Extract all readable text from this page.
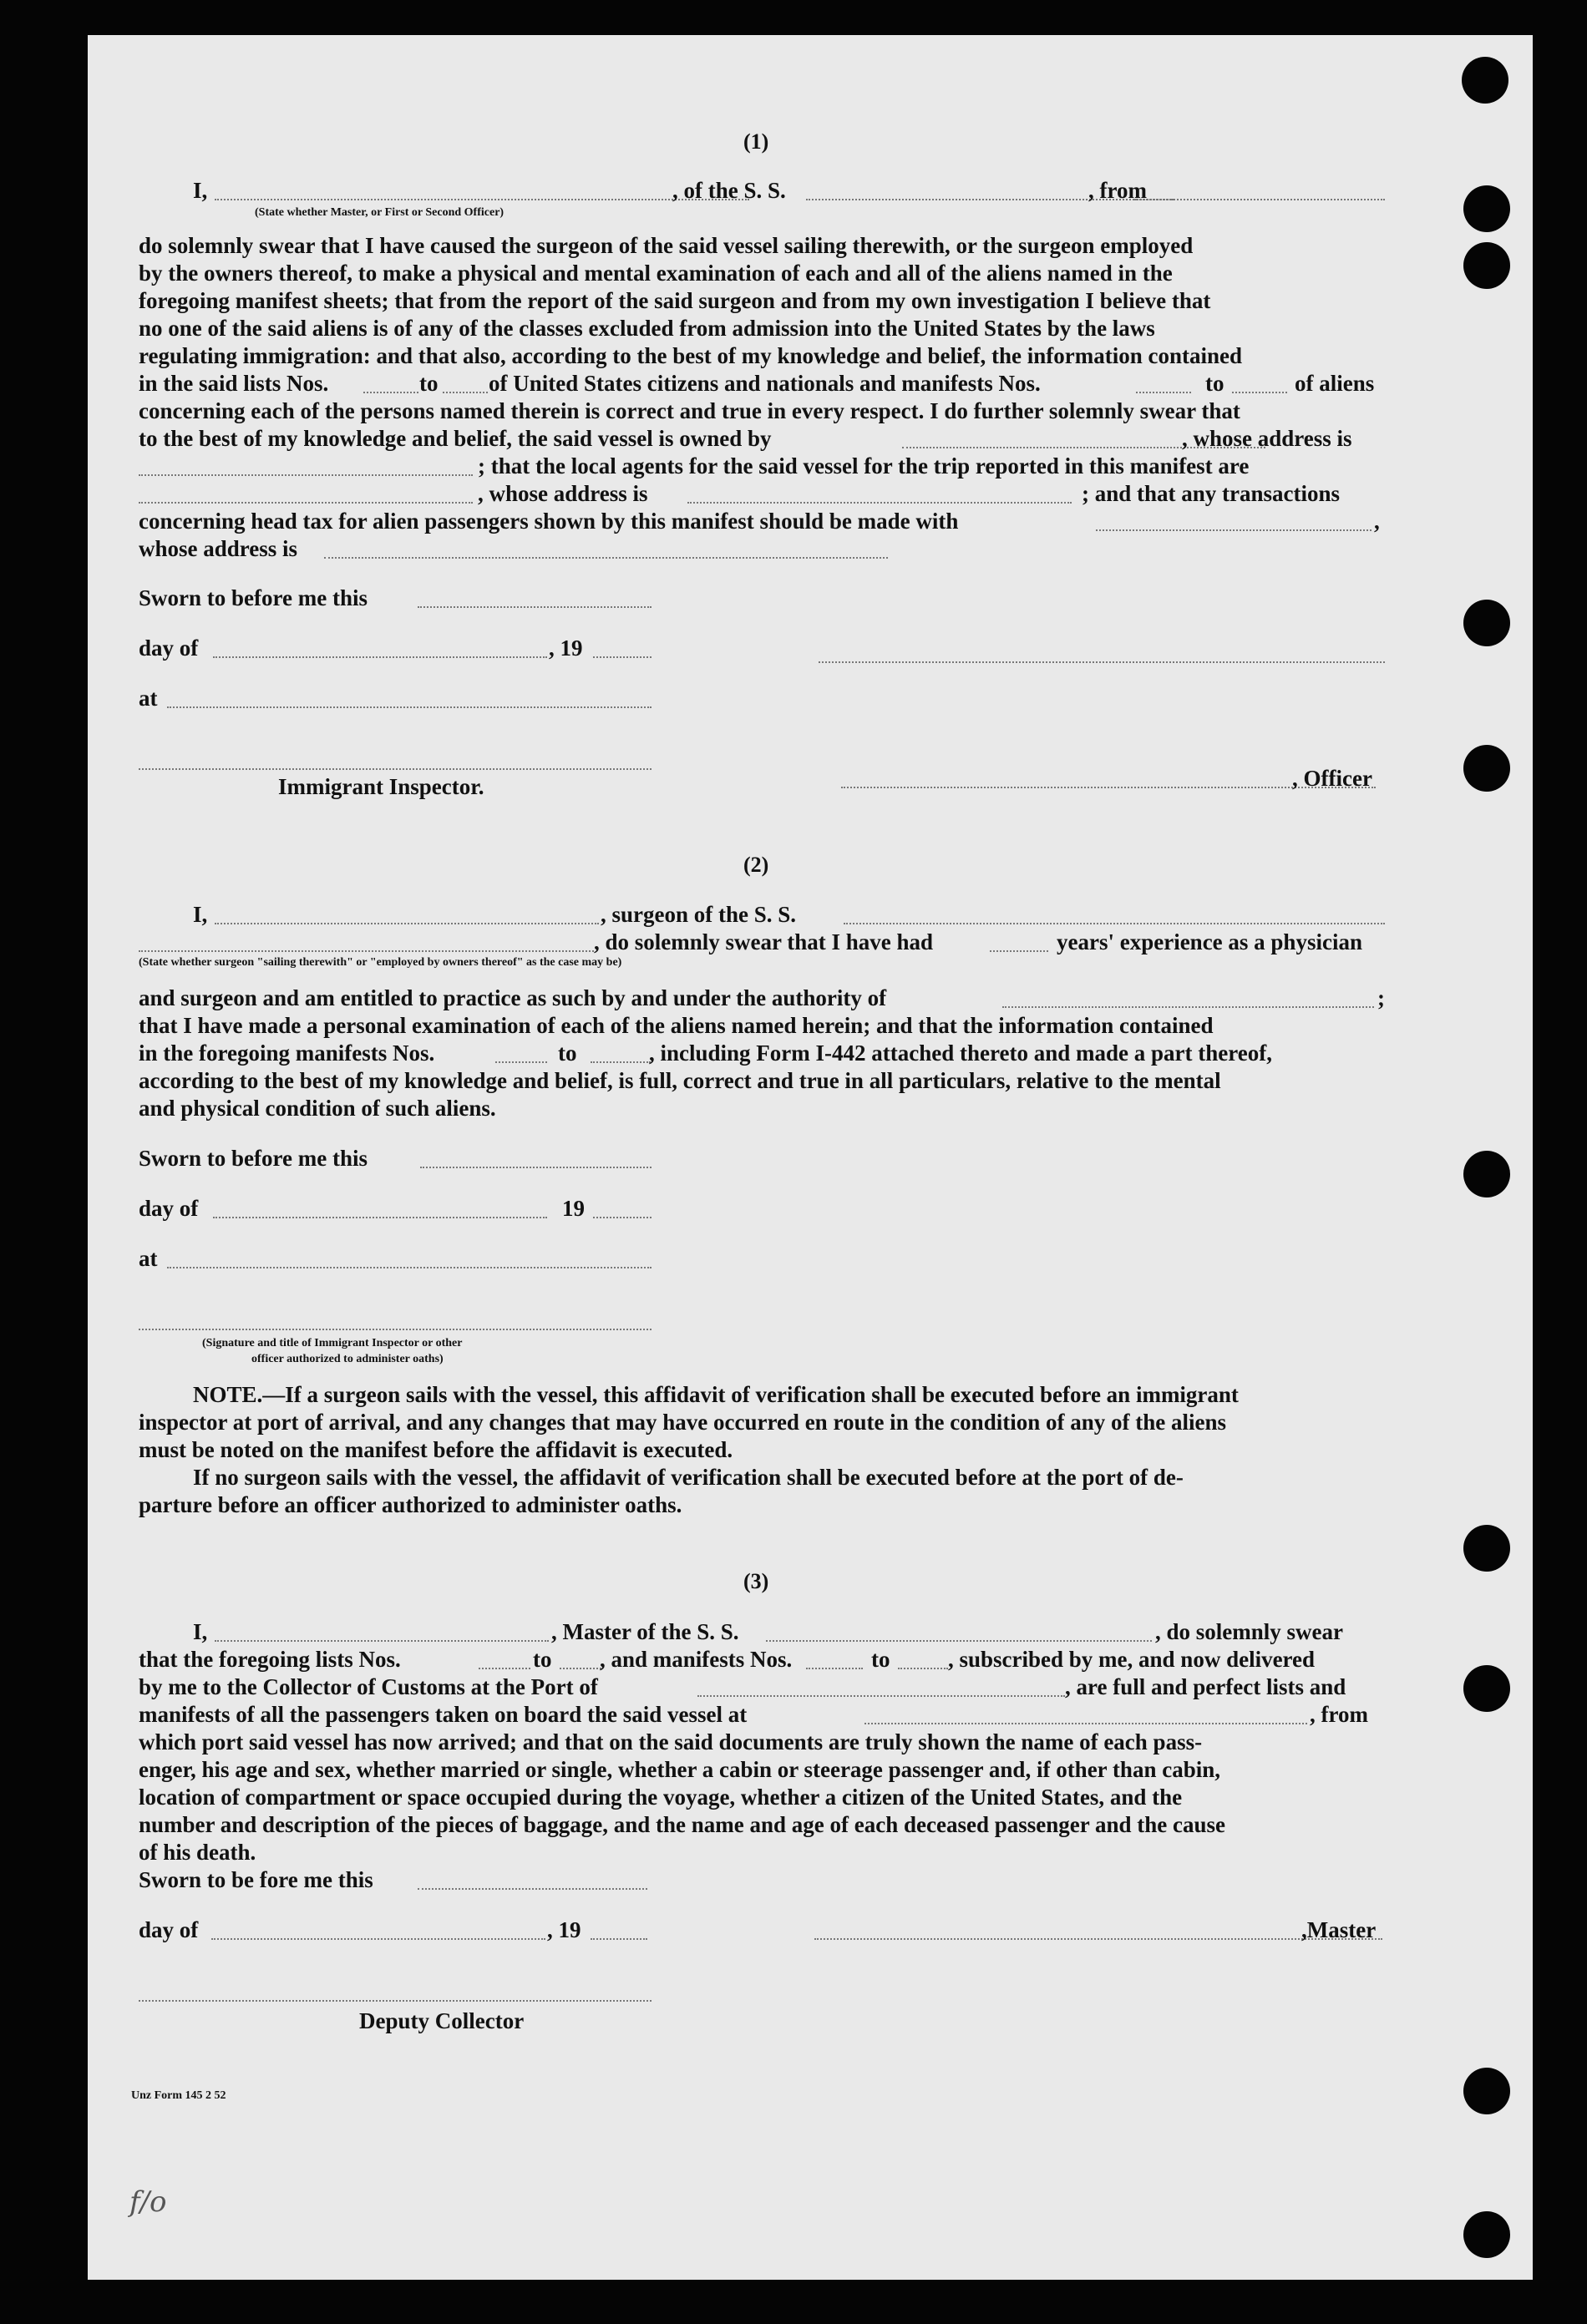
(1)
I,	, of the S. S.	, from
(State whether Master, or First or Second Officer)
do solemnly swear that I have caused the surgeon of the said vessel sailing therewith, or the surgeon employed
by the owners thereof, to make a physical and mental examination of each and all of the aliens named in the
foregoing manifest sheets; that from the report of the said surgeon and from my own investigation I believe that
no one of the said aliens is of any of the classes excluded from admission into the United States by the laws
regulating immigration: and that also, according to the best of my knowledge and belief, the information contained
in the said lists Nos.	to of United States citizens and nationals and manifests Nos.	to	of aliens
concerning each of the persons named therein is correct and true in every respect. I do further solemnly swear that
to the best of my knowledge and belief, the said vessel is owned by	, whose address is
; that the local agents for the said vessel for the trip reported in this manifest are
, whose address is	; and that any transactions
concerning head tax for alien passengers shown by this manifest should be made with	,
whose address is
Sworn to before me this
day of	, 19
at
Immigrant Inspector.	, Officer
(2)
I,	, surgeon of the S. S.
, do solemnly swear that I have had	years' experience as a physician
(State whether surgeon "sailing therewith" or "employed by owners thereof" as the case may be)
and surgeon and am entitled to practice as such by and under the authority of	;
that I have made a personal examination of each of the aliens named herein; and that the information contained
in the foregoing manifests Nos.	to	, including Form I-442 attached thereto and made a part thereof,
according to the best of my knowledge and belief, is full, correct and true in all particulars, relative to the mental
and physical condition of such aliens.
Sworn to before me this
day of	19
at
(Signature and title of Immigrant Inspector or other
officer authorized to administer oaths)
NOTE.—If a surgeon sails with the vessel, this affidavit of verification shall be executed before an immigrant
inspector at port of arrival, and any changes that may have occurred en route in the condition of any of the aliens
must be noted on the manifest before the affidavit is executed.
If no surgeon sails with the vessel, the affidavit of verification shall be executed before at the port of de-
parture before an officer authorized to administer oaths.
(3)
I,	, Master of the S. S.	, do solemnly swear
that the foregoing lists Nos.	to , and manifests Nos.	to	, subscribed by me, and now delivered
by me to the Collector of Customs at the Port of	, are full and perfect lists and
manifests of all the passengers taken on board the said vessel at	, from
which port said vessel has now arrived; and that on the said documents are truly shown the name of each pass-
enger, his age and sex, whether married or single, whether a cabin or steerage passenger and, if other than cabin,
location of compartment or space occupied during the voyage, whether a citizen of the United States, and the
number and description of the pieces of baggage, and the name and age of each deceased passenger and the cause
of his death.
Sworn to be fore me this
day of	, 19	,Master
Deputy Collector
Unz Form 145 2 52
f/o
